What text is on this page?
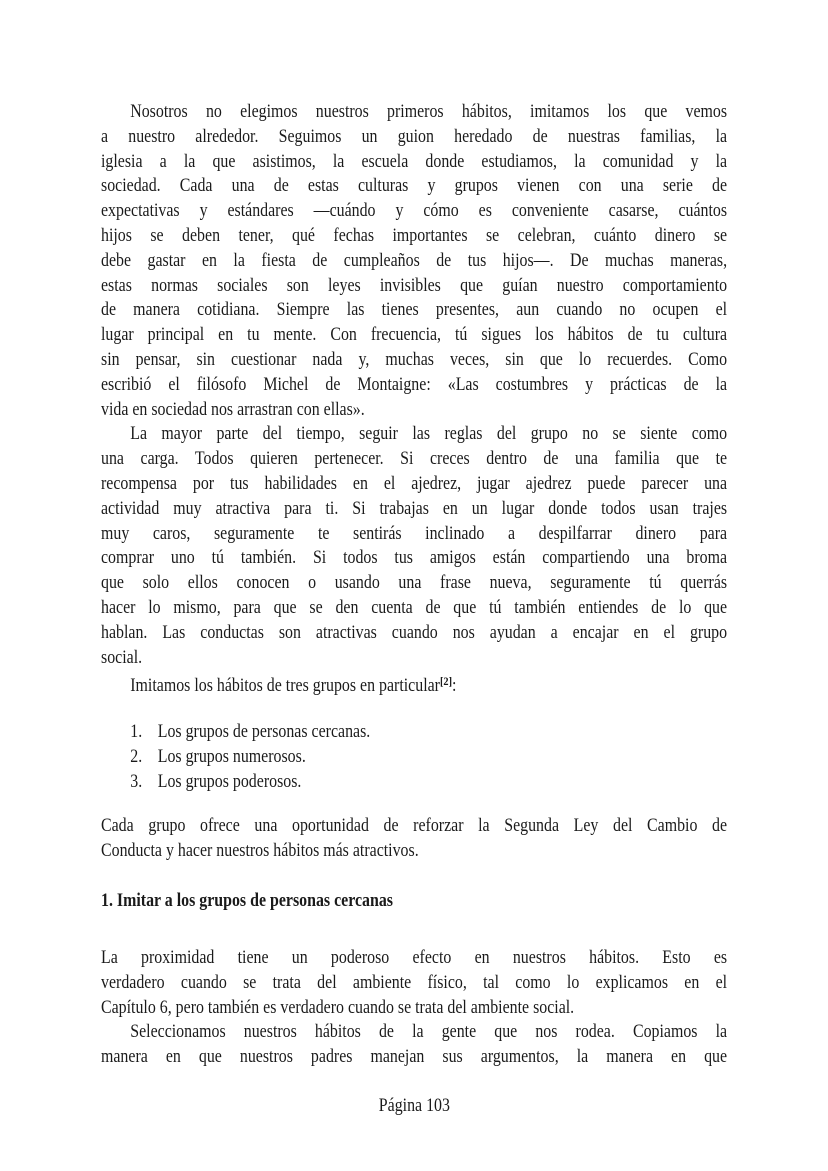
Nosotros no elegimos nuestros primeros hábitos, imitamos los que vemos
a nuestro alrededor. Seguimos un guion heredado de nuestras familias, la
iglesia a la que asistimos, la escuela donde estudiamos, la comunidad y la
sociedad. Cada una de estas culturas y grupos vienen con una serie de
expectativas y estándares —cuándo y cómo es conveniente casarse, cuántos
hijos se deben tener, qué fechas importantes se celebran, cuánto dinero se
debe gastar en la fiesta de cumpleaños de tus hijos—. De muchas maneras,
estas normas sociales son leyes invisibles que guían nuestro comportamiento
de manera cotidiana. Siempre las tienes presentes, aun cuando no ocupen el
lugar principal en tu mente. Con frecuencia, tú sigues los hábitos de tu cultura
sin pensar, sin cuestionar nada y, muchas veces, sin que lo recuerdes. Como
escribió el filósofo Michel de Montaigne: «Las costumbres y prácticas de la
vida en sociedad nos arrastran con ellas».
La mayor parte del tiempo, seguir las reglas del grupo no se siente como
una carga. Todos quieren pertenecer. Si creces dentro de una familia que te
recompensa por tus habilidades en el ajedrez, jugar ajedrez puede parecer una
actividad muy atractiva para ti. Si trabajas en un lugar donde todos usan trajes
muy caros, seguramente te sentirás inclinado a despilfarrar dinero para
comprar uno tú también. Si todos tus amigos están compartiendo una broma
que solo ellos conocen o usando una frase nueva, seguramente tú querrás
hacer lo mismo, para que se den cuenta de que tú también entiendes de lo que
hablan. Las conductas son atractivas cuando nos ayudan a encajar en el grupo
social.
Imitamos los hábitos de tres grupos en particular[2]:
1. Los grupos de personas cercanas.
2. Los grupos numerosos.
3. Los grupos poderosos.
Cada grupo ofrece una oportunidad de reforzar la Segunda Ley del Cambio de
Conducta y hacer nuestros hábitos más atractivos.
1. Imitar a los grupos de personas cercanas
La proximidad tiene un poderoso efecto en nuestros hábitos. Esto es
verdadero cuando se trata del ambiente físico, tal como lo explicamos en el
Capítulo 6, pero también es verdadero cuando se trata del ambiente social.
Seleccionamos nuestros hábitos de la gente que nos rodea. Copiamos la
manera en que nuestros padres manejan sus argumentos, la manera en que
Página 103
